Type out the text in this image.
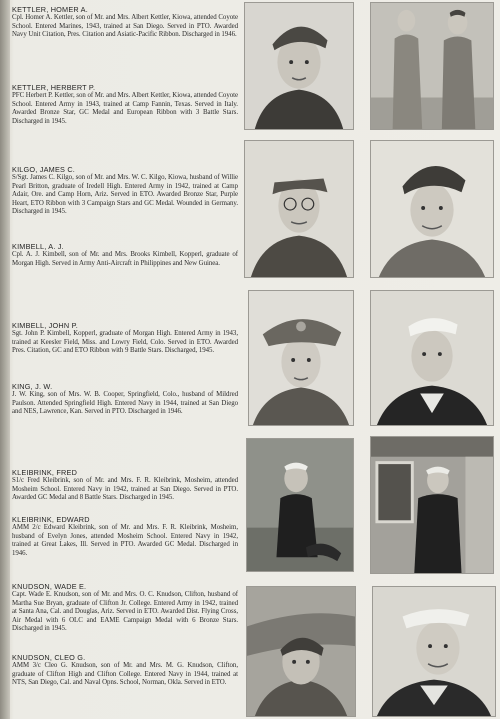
KETTLER, HOMER A.
Cpl. Homer A. Kettler, son of Mr. and Mrs. Albert Kettler, Kiowa, attended Coyote School. Entered Marines, 1943, trained at San Diego. Served in PTO. Awarded Navy Unit Citation, Pres. Citation and Asiatic-Pacific Ribbon. Discharged in 1946.
KETTLER, HERBERT P.
PFC Herbert P. Kettler, son of Mr. and Mrs. Albert Kettler, Kiowa, attended Coyote School. Entered Army in 1943, trained at Camp Fannin, Texas. Served in Italy. Awarded Bronze Star, GC Medal and European Ribbon with 3 Battle Stars. Discharged in 1945.
KILGO, JAMES C.
S/Sgt. James C. Kilgo, son of Mr. and Mrs. W. C. Kilgo, Kiowa, husband of Willie Pearl Britton, graduate of Iredell High. Entered Army in 1942, trained at Camp Adair, Ore. and Camp Horn, Ariz. Served in ETO. Awarded Bronze Star, Purple Heart, ETO Ribbon with 3 Campaign Stars and GC Medal. Wounded in Germany. Discharged in 1945.
KIMBELL, A. J.
Cpl. A. J. Kimbell, son of Mr. and Mrs. Brooks Kimbell, Kopperl, graduate of Morgan High. Served in Army Anti-Aircraft in Philippines and New Guinea.
KIMBELL, JOHN P.
Sgt. John P. Kimbell, Kopperl, graduate of Morgan High. Entered Army in 1943, trained at Keesler Field, Miss. and Lowry Field, Colo. Served in ETO. Awarded Pres. Citation, GC and ETO Ribbon with 9 Battle Stars. Discharged, 1945.
KING, J. W.
J. W. King, son of Mrs. W. B. Cooper, Springfield, Colo., husband of Mildred Paulson. Attended Springfield High. Entered Navy in 1944, trained at San Diego and NES, Lawrence, Kan. Served in PTO. Discharged in 1946.
KLEIBRINK, FRED
S1/c Fred Kleibrink, son of Mr. and Mrs. F. R. Kleibrink, Mosheim, attended Mosheim School. Entered Navy in 1942, trained at San Diego. Served in PTO. Awarded GC Medal and 8 Battle Stars. Discharged in 1945.
KLEIBRINK, EDWARD
AMM 2/c Edward Kleibrink, son of Mr. and Mrs. F. R. Kleibrink, Mosheim, husband of Evelyn Jones, attended Mosheim School. Entered Navy in 1942, trained at Great Lakes, Ill. Served in PTO. Awarded GC Medal. Discharged in 1946.
KNUDSON, WADE E.
Capt. Wade E. Knudson, son of Mr. and Mrs. O. C. Knudson, Clifton, husband of Martha Sue Bryan, graduate of Clifton Jr. College. Entered Army in 1942, trained at Santa Ana, Cal. and Douglas, Ariz. Served in ETO. Awarded Dist. Flying Cross, Air Medal with 6 OLC and EAME Campaign Medal with 6 Bronze Stars. Discharged in 1945.
KNUDSON, CLEO G.
AMM 3/c Cleo G. Knudson, son of Mr. and Mrs. M. G. Knudson, Clifton, graduate of Clifton High and Clifton College. Entered Navy in 1944, trained at NTS, San Diego, Cal. and Naval Opns. School, Norman, Okla. Served in ETO.
